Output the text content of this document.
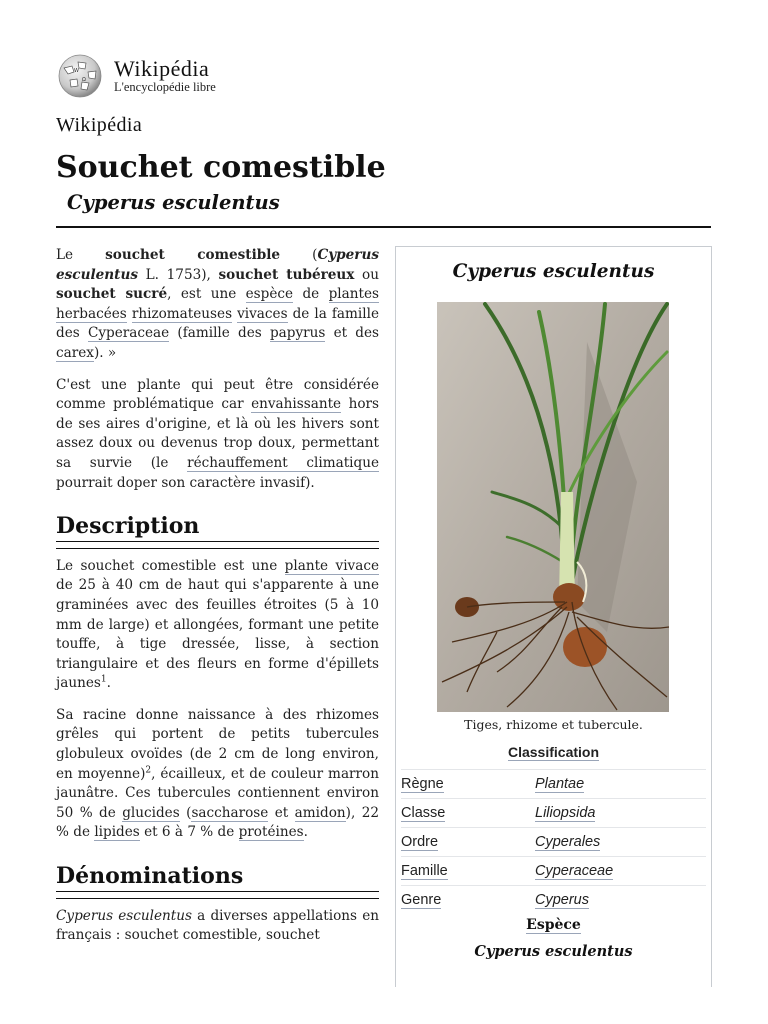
W
Ω Wikipédia
L'encyclopédie libre
Wikipédia
Souchet comestible
Cyperus esculentus

Le souchet comestible (Cyperus esculentus L. 1753), souchet tubéreux ou souchet sucré, est une espèce de plantes herbacées rhizomateuses vivaces de la famille des Cyperaceae (famille des papyrus et des carex). »

C'est une plante qui peut être considérée comme problématique car envahissante hors de ses aires d'origine, et là où les hivers sont assez doux ou devenus trop doux, permettant sa survie (le réchauffement climatique pourrait doper son caractère invasif).

Description

Le souchet comestible est une plante vivace de 25 à 40 cm de haut qui s'apparente à une graminées avec des feuilles étroites (5 à 10 mm de large) et allongées, formant une petite touffe, à tige dressée, lisse, à section triangulaire et des fleurs en forme d'épillets jaunes$^1$.

Sa racine donne naissance à des rhizomes grêles qui portent de petits tubercules globuleux ovoïdes (de 2 cm de long environ, en moyenne)$^2$, écailleux, et de couleur marron jaunâtre. Ces tubercules contiennent environ 50 % de glucides (saccharose et amidon), 22 % de lipides et 6 à 7 % de protéines.

Dénominations

Cyperus esculentus a diverses appellations en français : souchet comestible, souchet

Cyperus esculentus
Tiges, rhizome et tubercule.
Classification
Règne	Plantae
Classe	Liliopsida
Ordre	Cyperales
Famille	Cyperaceae
Genre	Cyperus
Espèce
Cyperus esculentus
